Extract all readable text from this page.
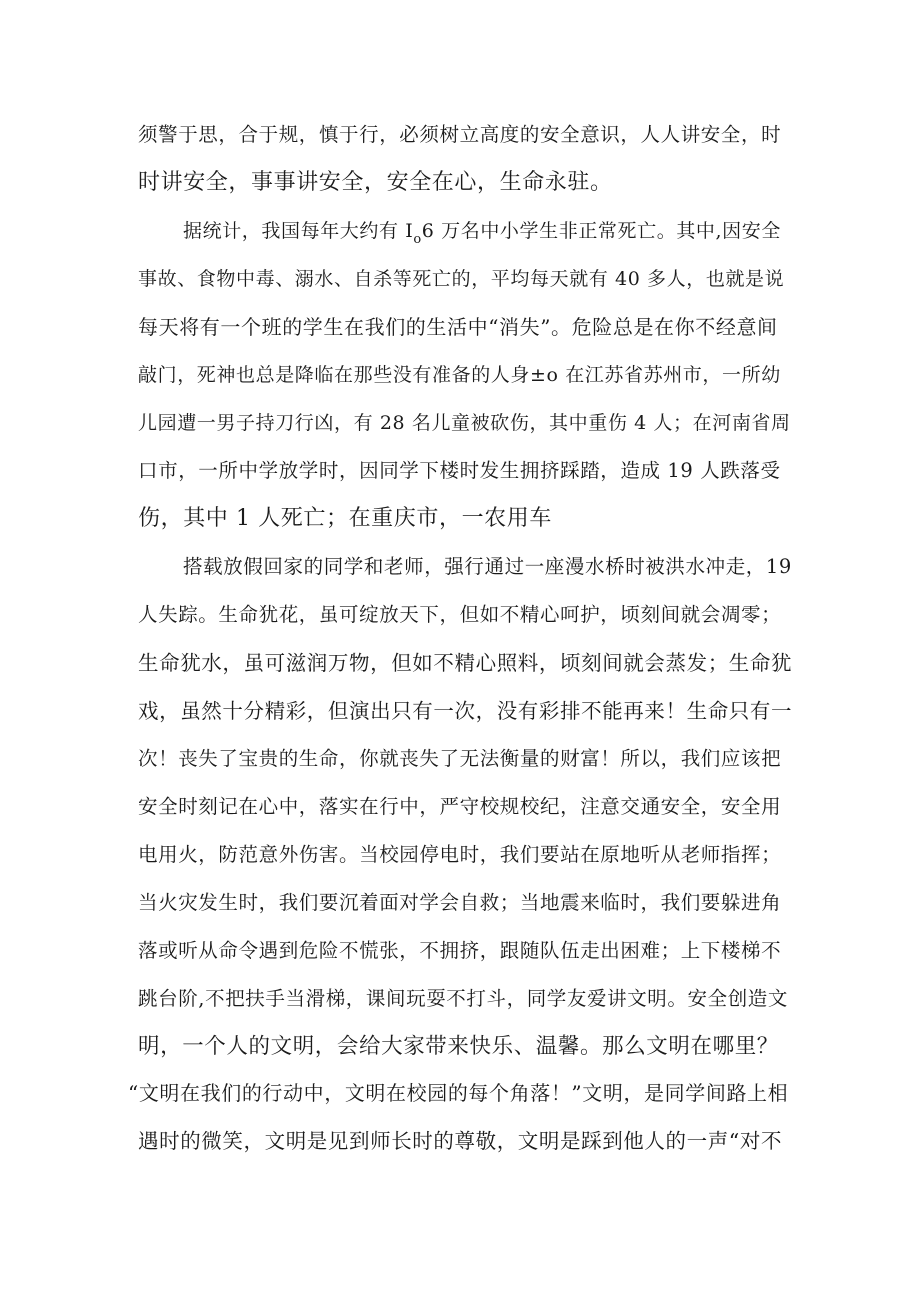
须警于思，合于规，慎于行，必须树立高度的安全意识，人人讲安全，时
时讲安全，事事讲安全，安全在心，生命永驻。
据统计，我国每年大约有 $I_o6$ 万名中小学生非正常死亡。其中,因安全
事故、食物中毒、溺水、自杀等死亡的，平均每天就有 40 多人，也就是说
每天将有一个班的学生在我们的生活中“消失”。危险总是在你不经意间
敲门，死神也总是降临在那些没有准备的人身±o 在江苏省苏州市，一所幼
儿园遭一男子持刀行凶，有 28 名儿童被砍伤，其中重伤 4 人；在河南省周
口市，一所中学放学时，因同学下楼时发生拥挤踩踏，造成 19 人跌落受
伤，其中 1 人死亡；在重庆市，一农用车
搭载放假回家的同学和老师，强行通过一座漫水桥时被洪水冲走，19
人失踪。生命犹花，虽可绽放天下，但如不精心呵护，顷刻间就会凋零；
生命犹水，虽可滋润万物，但如不精心照料，顷刻间就会蒸发；生命犹
戏，虽然十分精彩，但演出只有一次，没有彩排不能再来！生命只有一
次！丧失了宝贵的生命，你就丧失了无法衡量的财富！所以，我们应该把
安全时刻记在心中，落实在行中，严守校规校纪，注意交通安全，安全用
电用火，防范意外伤害。当校园停电时，我们要站在原地听从老师指挥；
当火灾发生时，我们要沉着面对学会自救；当地震来临时，我们要躲进角
落或听从命令遇到危险不慌张，不拥挤，跟随队伍走出困难；上下楼梯不
跳台阶,不把扶手当滑梯，课间玩耍不打斗，同学友爱讲文明。安全创造文
明，一个人的文明，会给大家带来快乐、温馨。那么文明在哪里？
“文明在我们的行动中，文明在校园的每个角落！”文明，是同学间路上相
遇时的微笑，文明是见到师长时的尊敬，文明是踩到他人的一声“对不
